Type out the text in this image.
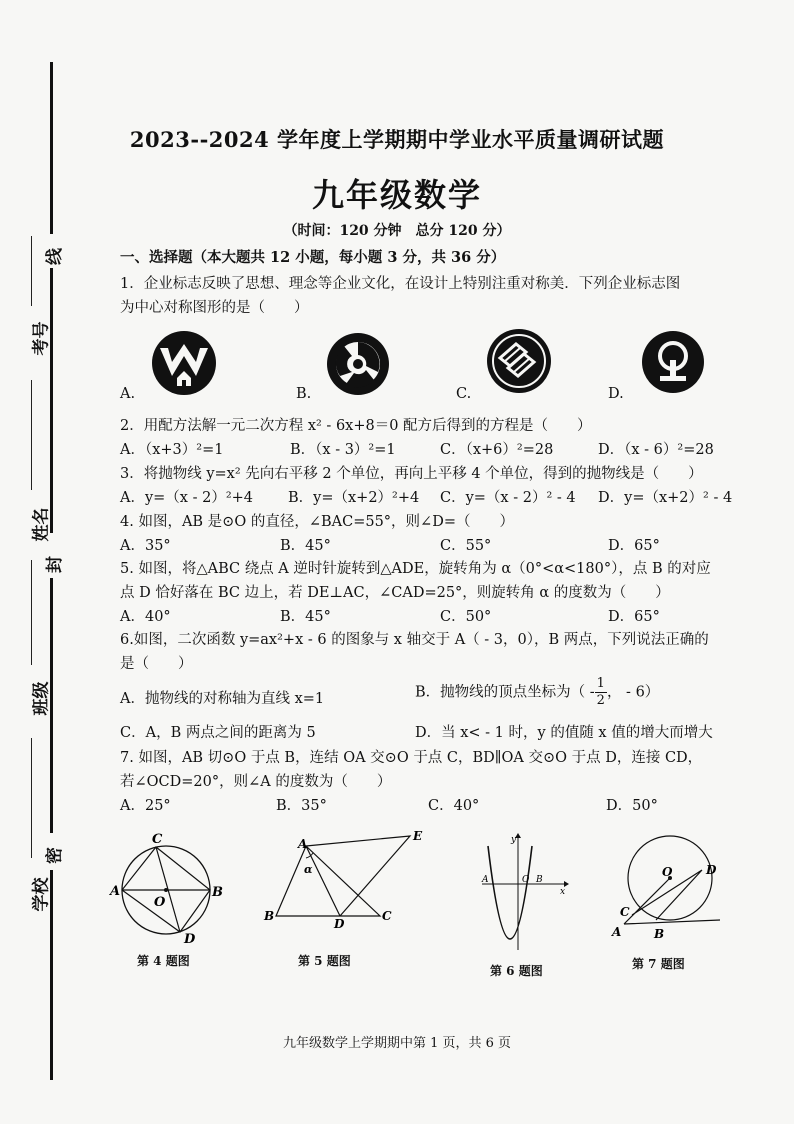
线
封
密
考号
姓名
班级
学校
2023--2024 学年度上学期期中学业水平质量调研试题
九年级数学
（时间：120 分钟　总分 120 分）
一、选择题（本大题共 12 小题，每小题 3 分，共 36 分）
1．企业标志反映了思想、理念等企业文化，在设计上特别注重对称美．下列企业标志图
为中心对称图形的是（　　）
A.	B.	C.	D.
2．用配方法解一元二次方程 x² - 6x+8＝0 配方后得到的方程是（　　）
A．（x+3）²=1	B．（x - 3）²=1	C．（x+6）²=28	D．（x - 6）²=28
3．将抛物线 y=x² 先向右平移 2 个单位，再向上平移 4 个单位，得到的抛物线是（　　）
A．y=（x - 2）²+4 B．y=（x+2）²+4 C．y=（x - 2）² - 4 D．y=（x+2）² - 4
4. 如图，AB 是⊙O 的直径，∠BAC=55°，则∠D=（　　）
A．35°	B．45°	C．55°	D．65°
5. 如图，将△ABC 绕点 A 逆时针旋转到△ADE，旋转角为 α（0°<α<180°），点 B 的对应
点 D 恰好落在 BC 边上，若 DE⊥AC，∠CAD=25°，则旋转角 α 的度数为（　　）
A．40°	B．45°	C．50°	D．65°
6.如图，二次函数 y=ax²+x - 6 的图象与 x 轴交于 A（ - 3，0），B 两点，下列说法正确的
是（　　）
A．抛物线的对称轴为直线 x=1	B．抛物线的顶点坐标为（ - $\frac{1}{2}$ ， - 6）
C．A，B 两点之间的距离为 5	D．当 x< - 1 时，y 的值随 x 值的增大而增大
7. 如图，AB 切⊙O 于点 B，连结 OA 交⊙O 于点 C，BD∥OA 交⊙O 于点 D，连接 CD，
若∠OCD=20°，则∠A 的度数为（　　）
A．25°	B．35°	C．40°	D．50°
A	B
C
D
O
第 4 题图
B
A
C
D
E
α
第 5 题图
A	B
O
x
y
第 6 题图
O	D
C
A	B
第 7 题图
九年级数学上学期期中第 1 页，共 6 页
